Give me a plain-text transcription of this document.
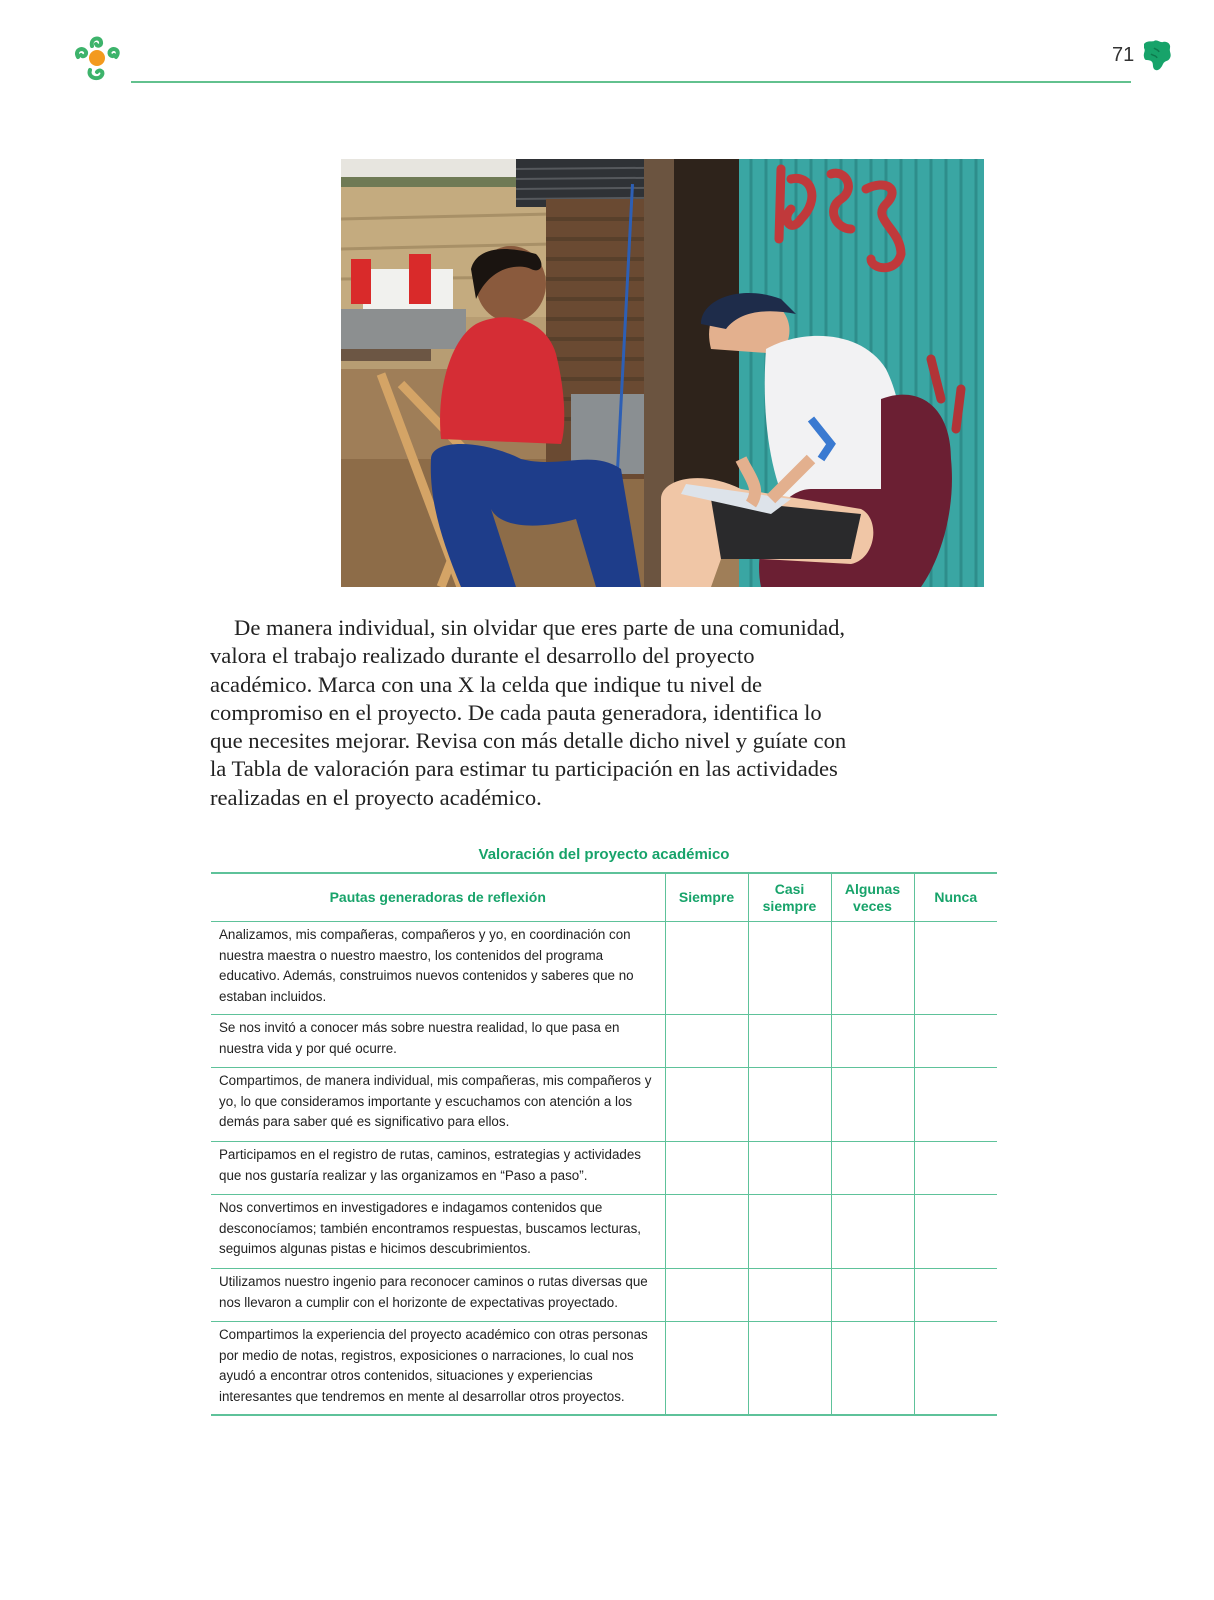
71

De manera individual, sin olvidar que eres parte de una comunidad, valora el trabajo realizado durante el desarrollo del proyecto académico. Marca con una X la celda que indique tu nivel de compromiso en el proyecto. De cada pauta generadora, identifica lo que necesites mejorar. Revisa con más detalle dicho nivel y guíate con la Tabla de valoración para estimar tu participación en las actividades realizadas en el proyecto académico.

Valoración del proyecto académico
Pautas generadoras de reflexión	Siempre	Casi siempre	Algunas veces	Nunca
Analizamos, mis compañeras, compañeros y yo, en coordinación con nuestra maestra o nuestro maestro, los contenidos del programa educativo. Además, construimos nuevos contenidos y saberes que no estaban incluidos.				
Se nos invitó a conocer más sobre nuestra realidad, lo que pasa en nuestra vida y por qué ocurre.				
Compartimos, de manera individual, mis compañeras, mis compañeros y yo, lo que consideramos importante y escuchamos con atención a los demás para saber qué es significativo para ellos.				
Participamos en el registro de rutas, caminos, estrategias y actividades que nos gustaría realizar y las organizamos en “Paso a paso”.				
Nos convertimos en investigadores e indagamos contenidos que desconocíamos; también encontramos respuestas, buscamos lecturas, seguimos algunas pistas e hicimos descubrimientos.				
Utilizamos nuestro ingenio para reconocer caminos o rutas diversas que nos llevaron a cumplir con el horizonte de expectativas proyectado.				
Compartimos la experiencia del proyecto académico con otras personas por medio de notas, registros, exposiciones o narraciones, lo cual nos ayudó a encontrar otros contenidos, situaciones y experiencias interesantes que tendremos en mente al desarrollar otros proyectos.				
